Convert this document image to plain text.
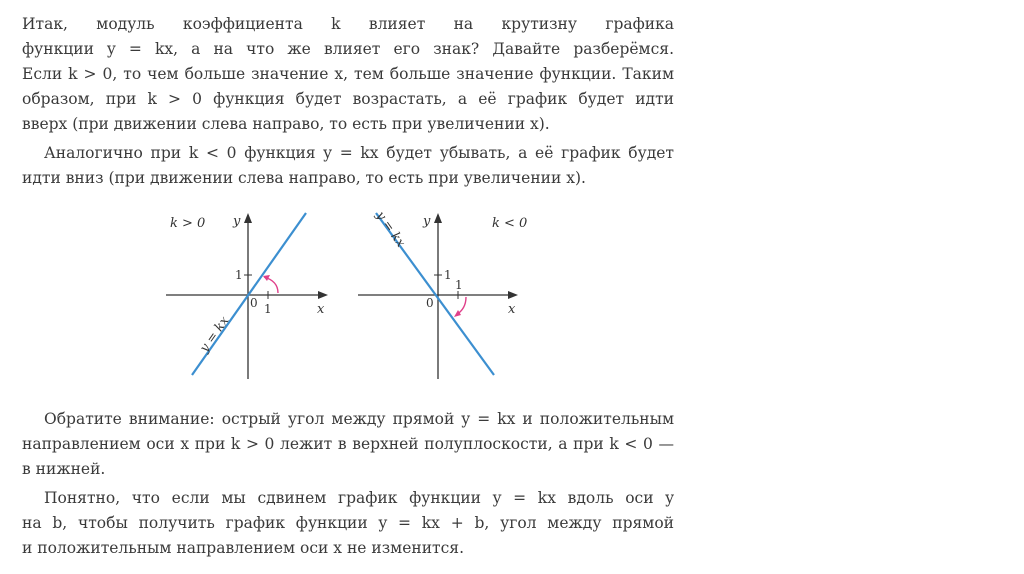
Итак, модуль коэффициента k влияет на крутизну графика
функции y = kx, а на что же влияет его знак? Давайте разберёмся.
Если k > 0, то чем больше значение x, тем больше значение функции. Таким
образом, при k > 0 функция будет возрастать, а её график будет идти
вверх (при движении слева направо, то есть при увеличении x).
Аналогично при k < 0 функция y = kx будет убывать, а её график будет
идти вниз (при движении слева направо, то есть при увеличении x).
k > 0 y
x
0 1
1
y = kx
k < 0
y
x
0
1
1
y = kx
Обратите внимание: острый угол между прямой y = kx и положительным
направлением оси x при k > 0 лежит в верхней полуплоскости, а при k < 0 —
в нижней.
Понятно, что если мы сдвинем график функции y = kx вдоль оси y
на b, чтобы получить график функции y = kx + b, угол между прямой
и положительным направлением оси x не изменится.
